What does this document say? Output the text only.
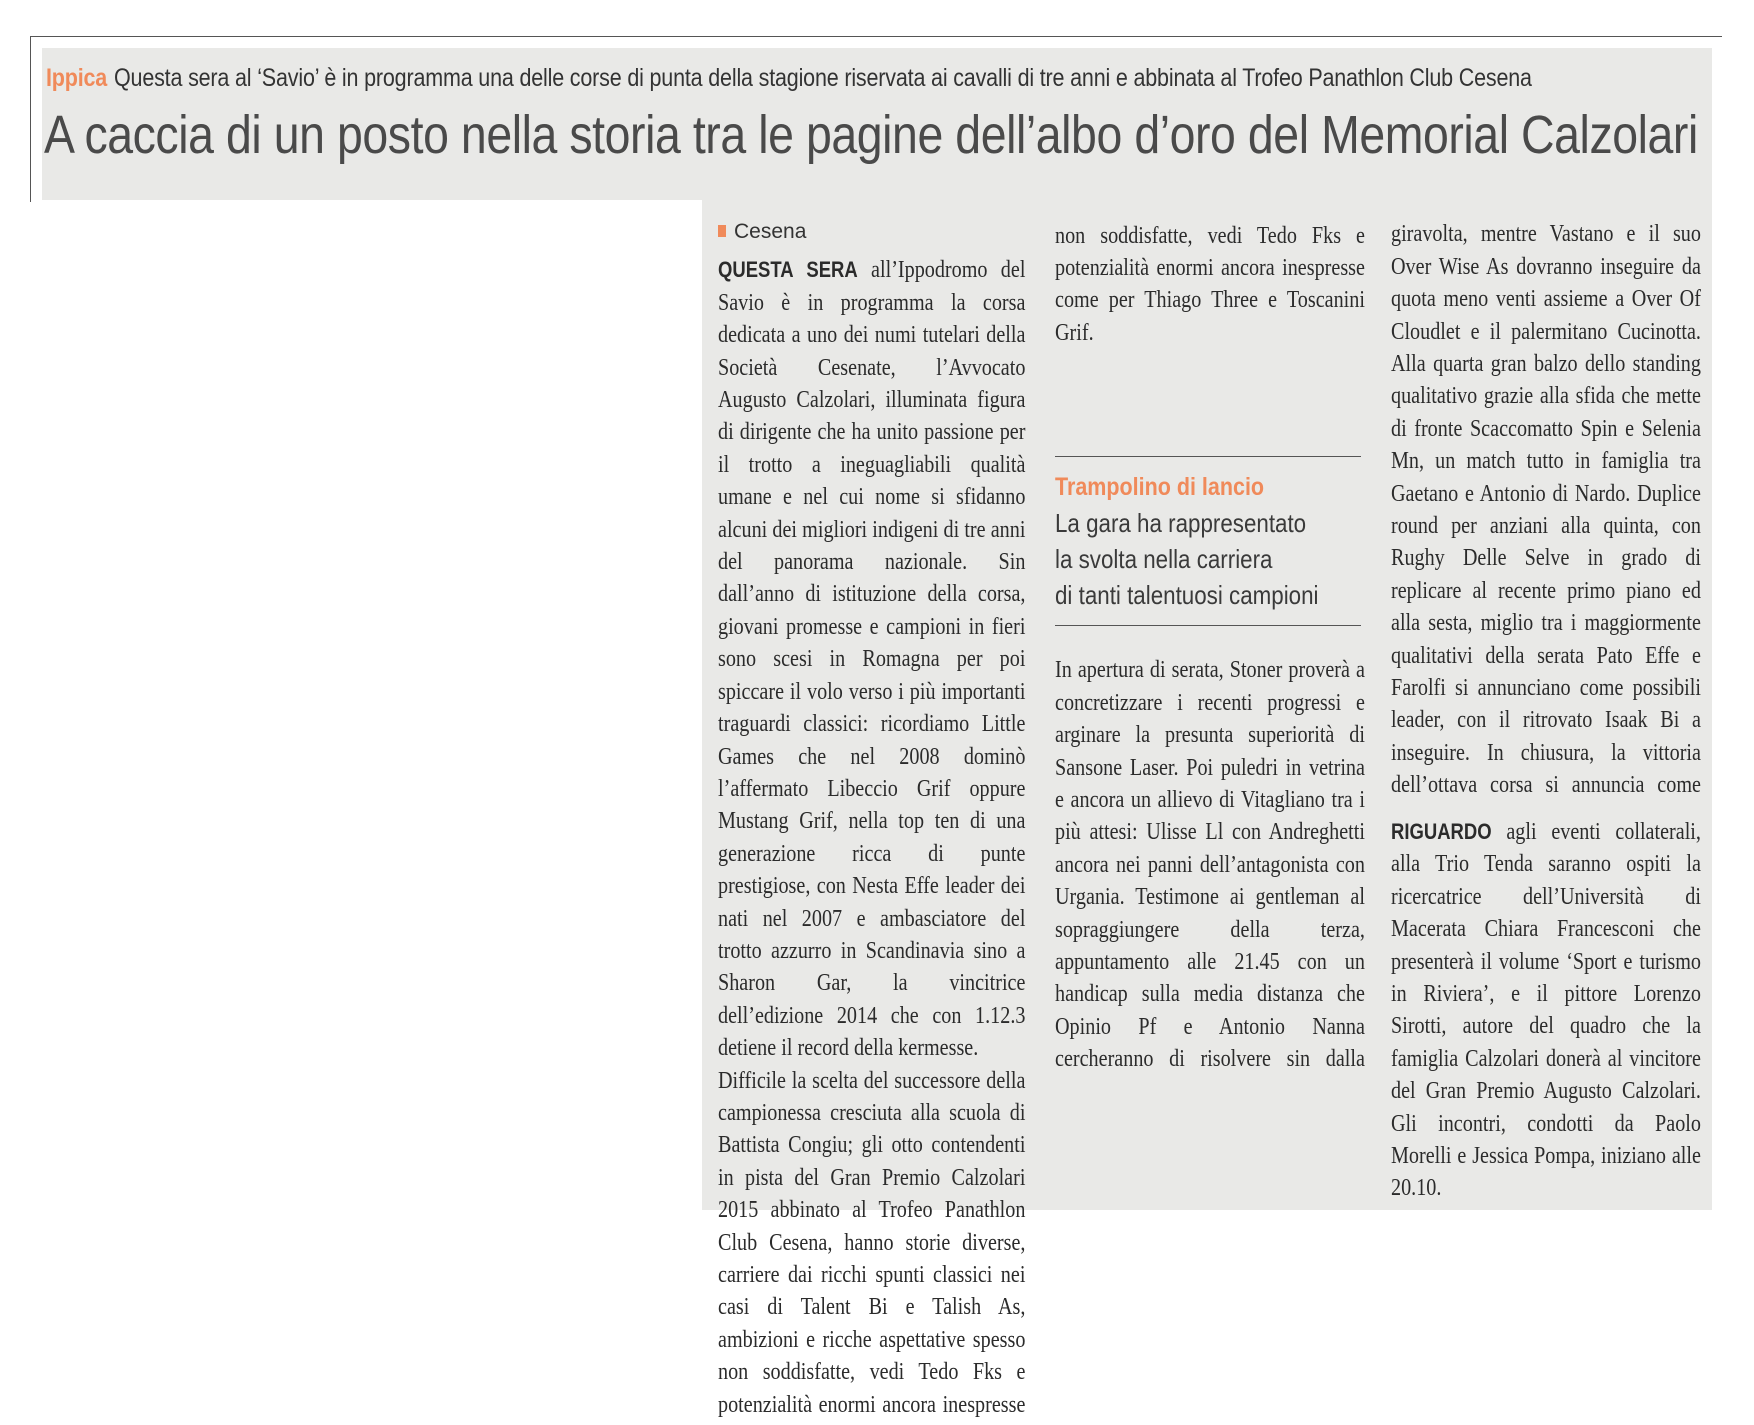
Ippica Questa sera al ‘Savio’ è in programma una delle corse di punta della stagione riservata ai cavalli di tre anni e abbinata al Trofeo Panathlon Club Cesena
A caccia di un posto nella storia tra le pagine dell’albo d’oro del Memorial Calzolari
Cesena
QUESTA SERA all’Ippodromo del Savio è in programma la corsa dedicata a uno dei numi tutelari della Società Cesenate, l’Avvocato Augusto Calzolari, illuminata figura di dirigente che ha unito passione per il trotto a ineguagliabili qualità umane e nel cui nome si sfidanno alcuni dei migliori indigeni di tre anni del panorama nazionale. Sin dall’anno di istituzione della corsa, giovani promesse e campioni in fieri sono scesi in Romagna per poi spiccare il volo verso i più importanti traguardi classici: ricordiamo Little Games che nel 2008 dominò l’affermato Libeccio Grif oppure Mustang Grif, nella top ten di una generazione ricca di punte prestigiose, con Nesta Effe leader dei nati nel 2007 e ambasciatore del trotto azzurro in Scandinavia sino a Sharon Gar, la vincitrice dell’edizione 2014 che con 1.12.3 detiene il record della kermesse.
Difficile la scelta del successore della campionessa cresciuta alla scuola di Battista Congiu; gli otto contendenti in pista del Gran Premio Calzolari 2015 abbinato al Trofeo Panathlon Club Cesena, hanno storie diverse, carriere dai ricchi spunti classici nei casi di Talent Bi e Talish As, ambizioni e ricche aspettative spesso non soddisfatte, vedi Tedo Fks e potenzialità enormi ancora inespresse
non soddisfatte, vedi Tedo Fks e potenzialità enormi ancora inespresse come per Thiago Three e Toscanini Grif.
Trampolino di lancio
La gara ha rappresentato
la svolta nella carriera
di tanti talentuosi campioni
In apertura di serata, Stoner proverà a concretizzare i recenti progressi e arginare la presunta superiorità di Sansone Laser. Poi puledri in vetrina e ancora un allievo di Vitagliano tra i più attesi: Ulisse Ll con Andreghetti ancora nei panni dell’antagonista con Urgania. Testimone ai gentleman al sopraggiungere della terza, appuntamento alle 21.45 con un handicap sulla media distanza che Opinio Pf e Antonio Nanna cercheranno di risolvere sin dalla
giravolta, mentre Vastano e il suo Over Wise As dovranno inseguire da quota meno venti assieme a Over Of Cloudlet e il palermitano Cucinotta. Alla quarta gran balzo dello standing qualitativo grazie alla sfida che mette di fronte Scaccomatto Spin e Selenia Mn, un match tutto in famiglia tra Gaetano e Antonio di Nardo. Duplice round per anziani alla quinta, con Rughy Delle Selve in grado di replicare al recente primo piano ed alla sesta, miglio tra i maggiormente qualitativi della serata Pato Effe e Farolfi si annunciano come possibili leader, con il ritrovato Isaak Bi a inseguire. In chiusura, la vittoria dell’ottava corsa si annuncia come
RIGUARDO agli eventi collaterali, alla Trio Tenda saranno ospiti la ricercatrice dell’Università di Macerata Chiara Francesconi che presenterà il volume ‘Sport e turismo in Riviera’, e il pittore Lorenzo Sirotti, autore del quadro che la famiglia Calzolari donerà al vincitore del Gran Premio Augusto Calzolari. Gli incontri, condotti da Paolo Morelli e Jessica Pompa, iniziano alle 20.10.
